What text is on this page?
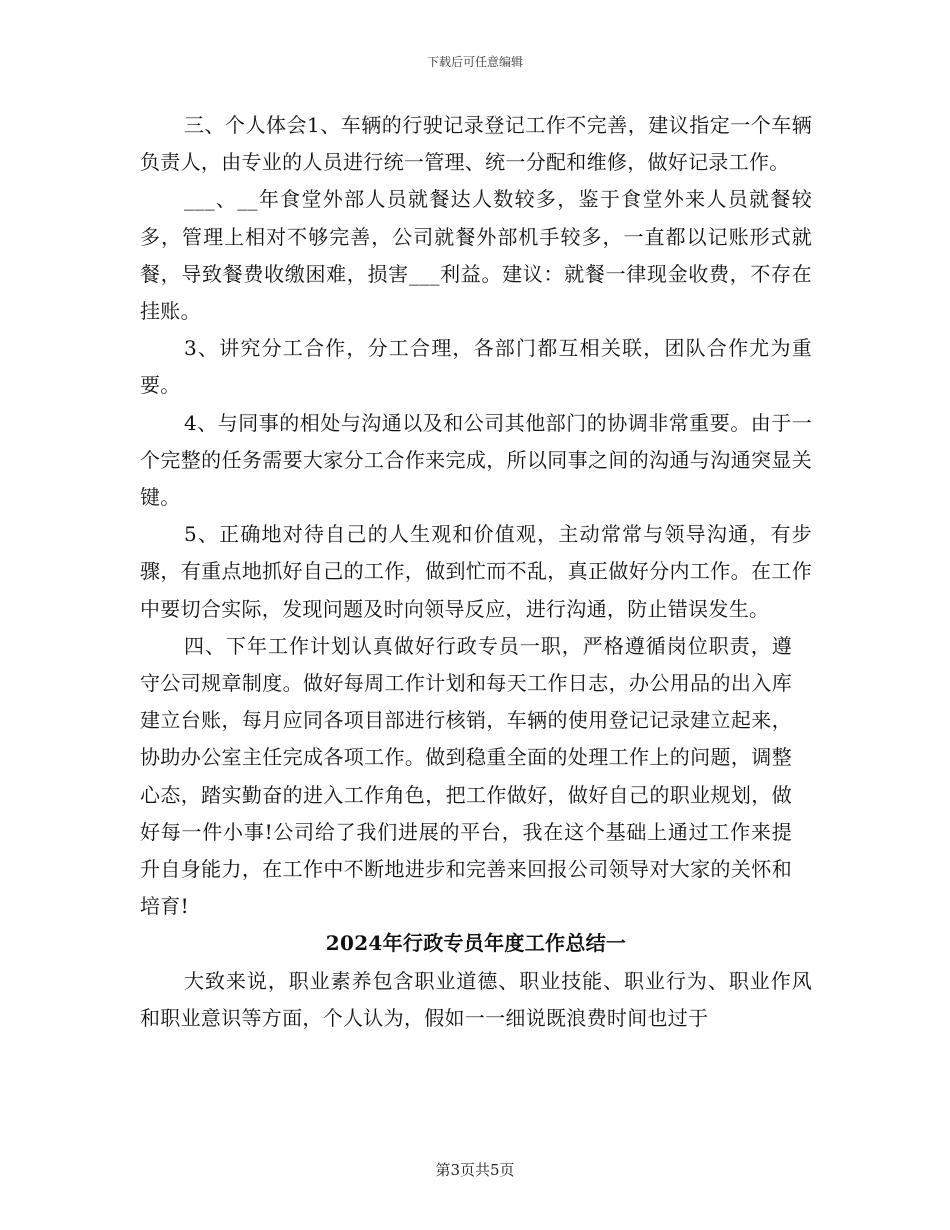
下载后可任意编辑

三、个人体会1、车辆的行驶记录登记工作不完善，建议指定一个车辆负责人，由专业的人员进行统一管理、统一分配和维修，做好记录工作。

___、__年食堂外部人员就餐达人数较多，鉴于食堂外来人员就餐较多，管理上相对不够完善，公司就餐外部机手较多，一直都以记账形式就餐，导致餐费收缴困难，损害___利益。建议：就餐一律现金收费，不存在挂账。

3、讲究分工合作，分工合理，各部门都互相关联，团队合作尤为重要。

4、与同事的相处与沟通以及和公司其他部门的协调非常重要。由于一个完整的任务需要大家分工合作来完成，所以同事之间的沟通与沟通突显关键。

5、正确地对待自己的人生观和价值观，主动常常与领导沟通，有步骤，有重点地抓好自己的工作，做到忙而不乱，真正做好分内工作。在工作中要切合实际，发现问题及时向领导反应，进行沟通，防止错误发生。

四、下年工作计划认真做好行政专员一职，严格遵循岗位职责，遵守公司规章制度。做好每周工作计划和每天工作日志，办公用品的出入库建立台账，每月应同各项目部进行核销，车辆的使用登记记录建立起来，协助办公室主任完成各项工作。做到稳重全面的处理工作上的问题，调整心态，踏实勤奋的进入工作角色，把工作做好，做好自己的职业规划，做好每一件小事!公司给了我们进展的平台，我在这个基础上通过工作来提升自身能力，在工作中不断地进步和完善来回报公司领导对大家的关怀和培育!

2024年行政专员年度工作总结一

大致来说，职业素养包含职业道德、职业技能、职业行为、职业作风和职业意识等方面，个人认为，假如一一细说既浪费时间也过于

第3页共5页
